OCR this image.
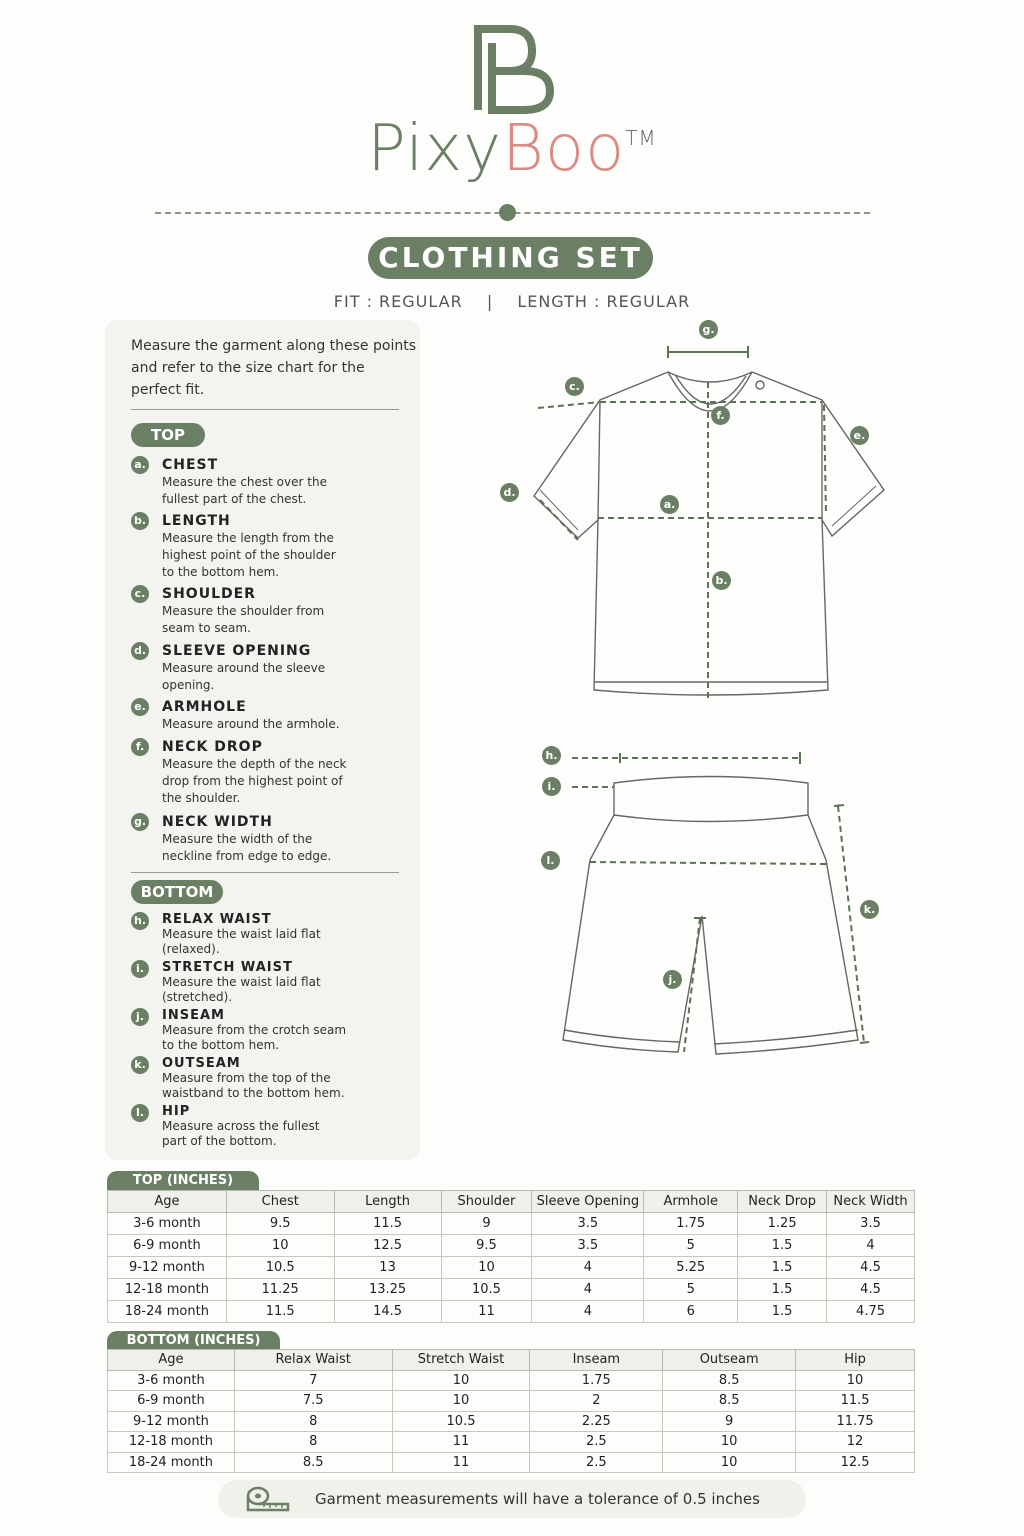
PixyBoo™
CLOTHING SET
FIT : REGULAR | LENGTH : REGULAR
Measure the garment along these points and refer to the size chart for the perfect fit.
TOP
a. CHEST
Measure the chest over the fullest part of the chest.
b. LENGTH
Measure the length from the highest point of the shoulder to the bottom hem.
c. SHOULDER
Measure the shoulder from seam to seam.
d. SLEEVE OPENING
Measure around the sleeve opening.
e. ARMHOLE
Measure around the armhole.
f.	NECK DROP
Measure the depth of the neck drop from the highest point of the shoulder.
g. NECK WIDTH
Measure the width of the neckline from edge to edge.
BOTTOM
h. RELAX WAIST
Measure the waist laid flat (relaxed).
i.	STRETCH WAIST
Measure the waist laid flat (stretched).
j.	INSEAM
Measure from the crotch seam to the bottom hem.
k. OUTSEAM
Measure from the top of the waistband to the bottom hem.
l.	HIP
Measure across the fullest part of the bottom.
a.
b.
c.
d.
e.
f.
g.
h.
i.
j.
k.
l.
TOP (INCHES)
Age	Chest	Length	Shoulder	Sleeve Opening	Armhole	Neck Drop	Neck Width
3-6 month	9.5	11.5	9	3.5	1.75	1.25	3.5
6-9 month	10	12.5	9.5	3.5	5	1.5	4
9-12 month	10.5	13	10	4	5.25	1.5	4.5
12-18 month	11.25	13.25	10.5	4	5	1.5	4.5
18-24 month	11.5	14.5	11	4	6	1.5	4.75
BOTTOM (INCHES)
Age	Relax Waist	Stretch Waist	Inseam	Outseam	Hip
3-6 month	7	10	1.75	8.5	10
6-9 month	7.5	10	2	8.5	11.5
9-12 month	8	10.5	2.25	9	11.75
12-18 month	8	11	2.5	10	12
18-24 month	8.5	11	2.5	10	12.5
Garment measurements will have a tolerance of 0.5 inches
